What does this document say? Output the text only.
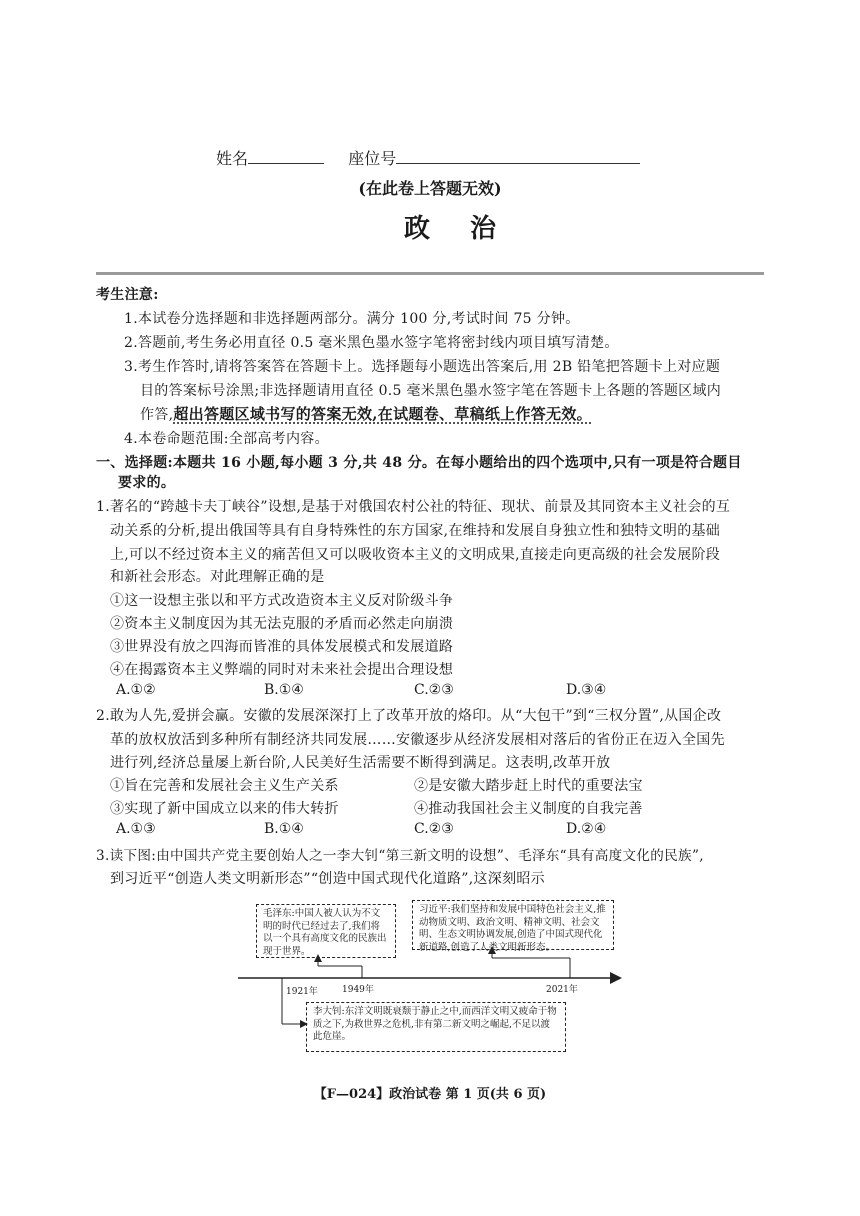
姓名	座位号
(在此卷上答题无效)
政治
考生注意:
1.本试卷分选择题和非选择题两部分。满分 100 分,考试时间 75 分钟。
2.答题前,考生务必用直径 0.5 毫米黑色墨水签字笔将密封线内项目填写清楚。
3.考生作答时,请将答案答在答题卡上。选择题每小题选出答案后,用 2B 铅笔把答题卡上对应题
目的答案标号涂黑;非选择题请用直径 0.5 毫米黑色墨水签字笔在答题卡上各题的答题区域内
作答,超出答题区域书写的答案无效,在试题卷、草稿纸上作答无效。
4.本卷命题范围:全部高考内容。
一、选择题:本题共 16 小题,每小题 3 分,共 48 分。在每小题给出的四个选项中,只有一项是符合题目
要求的。
1.著名的“跨越卡夫丁峡谷”设想,是基于对俄国农村公社的特征、现状、前景及其同资本主义社会的互
动关系的分析,提出俄国等具有自身特殊性的东方国家,在维持和发展自身独立性和独特文明的基础
上,可以不经过资本主义的痛苦但又可以吸收资本主义的文明成果,直接走向更高级的社会发展阶段
和新社会形态。对此理解正确的是
①这一设想主张以和平方式改造资本主义反对阶级斗争
②资本主义制度因为其无法克服的矛盾而必然走向崩溃
③世界没有放之四海而皆准的具体发展模式和发展道路
④在揭露资本主义弊端的同时对未来社会提出合理设想
A.①②	B.①④	C.②③	D.③④
2.敢为人先,爱拼会赢。安徽的发展深深打上了改革开放的烙印。从“大包干”到“三权分置”,从国企改
革的放权放活到多种所有制经济共同发展……安徽逐步从经济发展相对落后的省份正在迈入全国先
进行列,经济总量屡上新台阶,人民美好生活需要不断得到满足。这表明,改革开放
①旨在完善和发展社会主义生产关系	②是安徽大踏步赶上时代的重要法宝
③实现了新中国成立以来的伟大转折	④推动我国社会主义制度的自我完善
A.①③	B.①④	C.②③	D.②④
3.读下图:由中国共产党主要创始人之一李大钊“第三新文明的设想”、毛泽东“具有高度文化的民族”,
到习近平“创造人类文明新形态”“创造中国式现代化道路”,这深刻昭示
毛泽东:中国人被人认为不文明的时代已经过去了,我们将以一个具有高度文化的民族出现于世界。
习近平:我们坚持和发展中国特色社会主义,推动物质文明、政治文明、精神文明、社会文明、生态文明协调发展,创造了中国式现代化新道路,创造了人类文明新形态。
李大钊:东洋文明既衰颓于静止之中,而西洋文明又疲命于物质之下,为救世界之危机,非有第二新文明之崛起,不足以渡此危崖。
1921年	1949年	2021年
【F—024】政治试卷 第 1 页(共 6 页)
